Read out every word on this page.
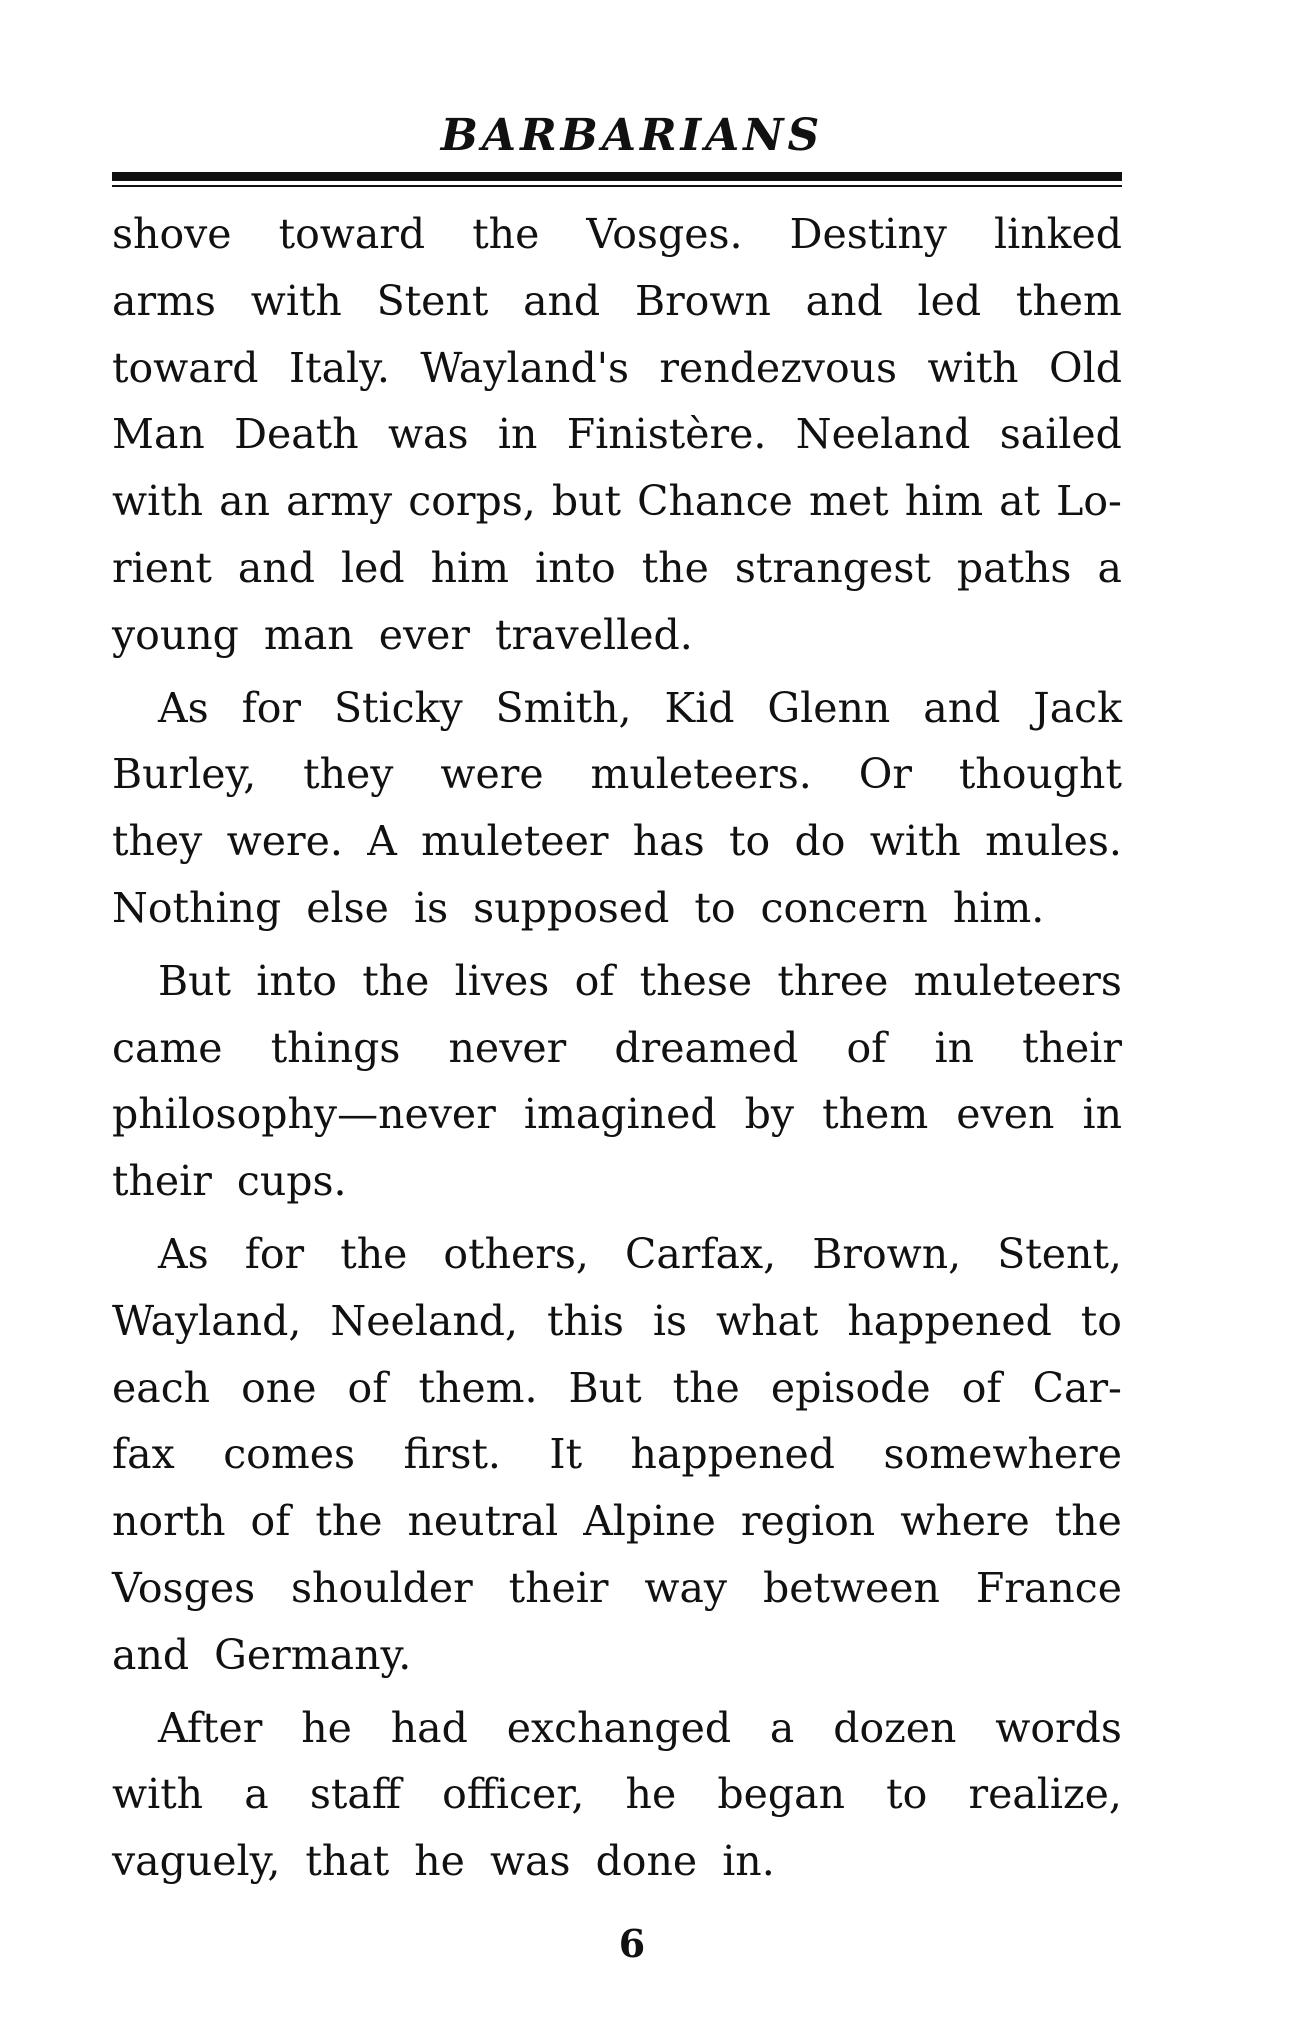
BARBARIANS
shove toward the Vosges. Destiny linked
arms with Stent and Brown and led them
toward Italy. Wayland's rendezvous with Old
Man Death was in Finistère. Neeland sailed
with an army corps, but Chance met him at Lo-
rient and led him into the strangest paths a
young man ever travelled.
As for Sticky Smith, Kid Glenn and Jack
Burley, they were muleteers. Or thought
they were. A muleteer has to do with mules.
Nothing else is supposed to concern him.
But into the lives of these three muleteers
came things never dreamed of in their
philosophy—never imagined by them even in
their cups.
As for the others, Carfax, Brown, Stent,
Wayland, Neeland, this is what happened to
each one of them. But the episode of Car-
fax comes first. It happened somewhere
north of the neutral Alpine region where the
Vosges shoulder their way between France
and Germany.
After he had exchanged a dozen words
with a staff officer, he began to realize,
vaguely, that he was done in.
6
